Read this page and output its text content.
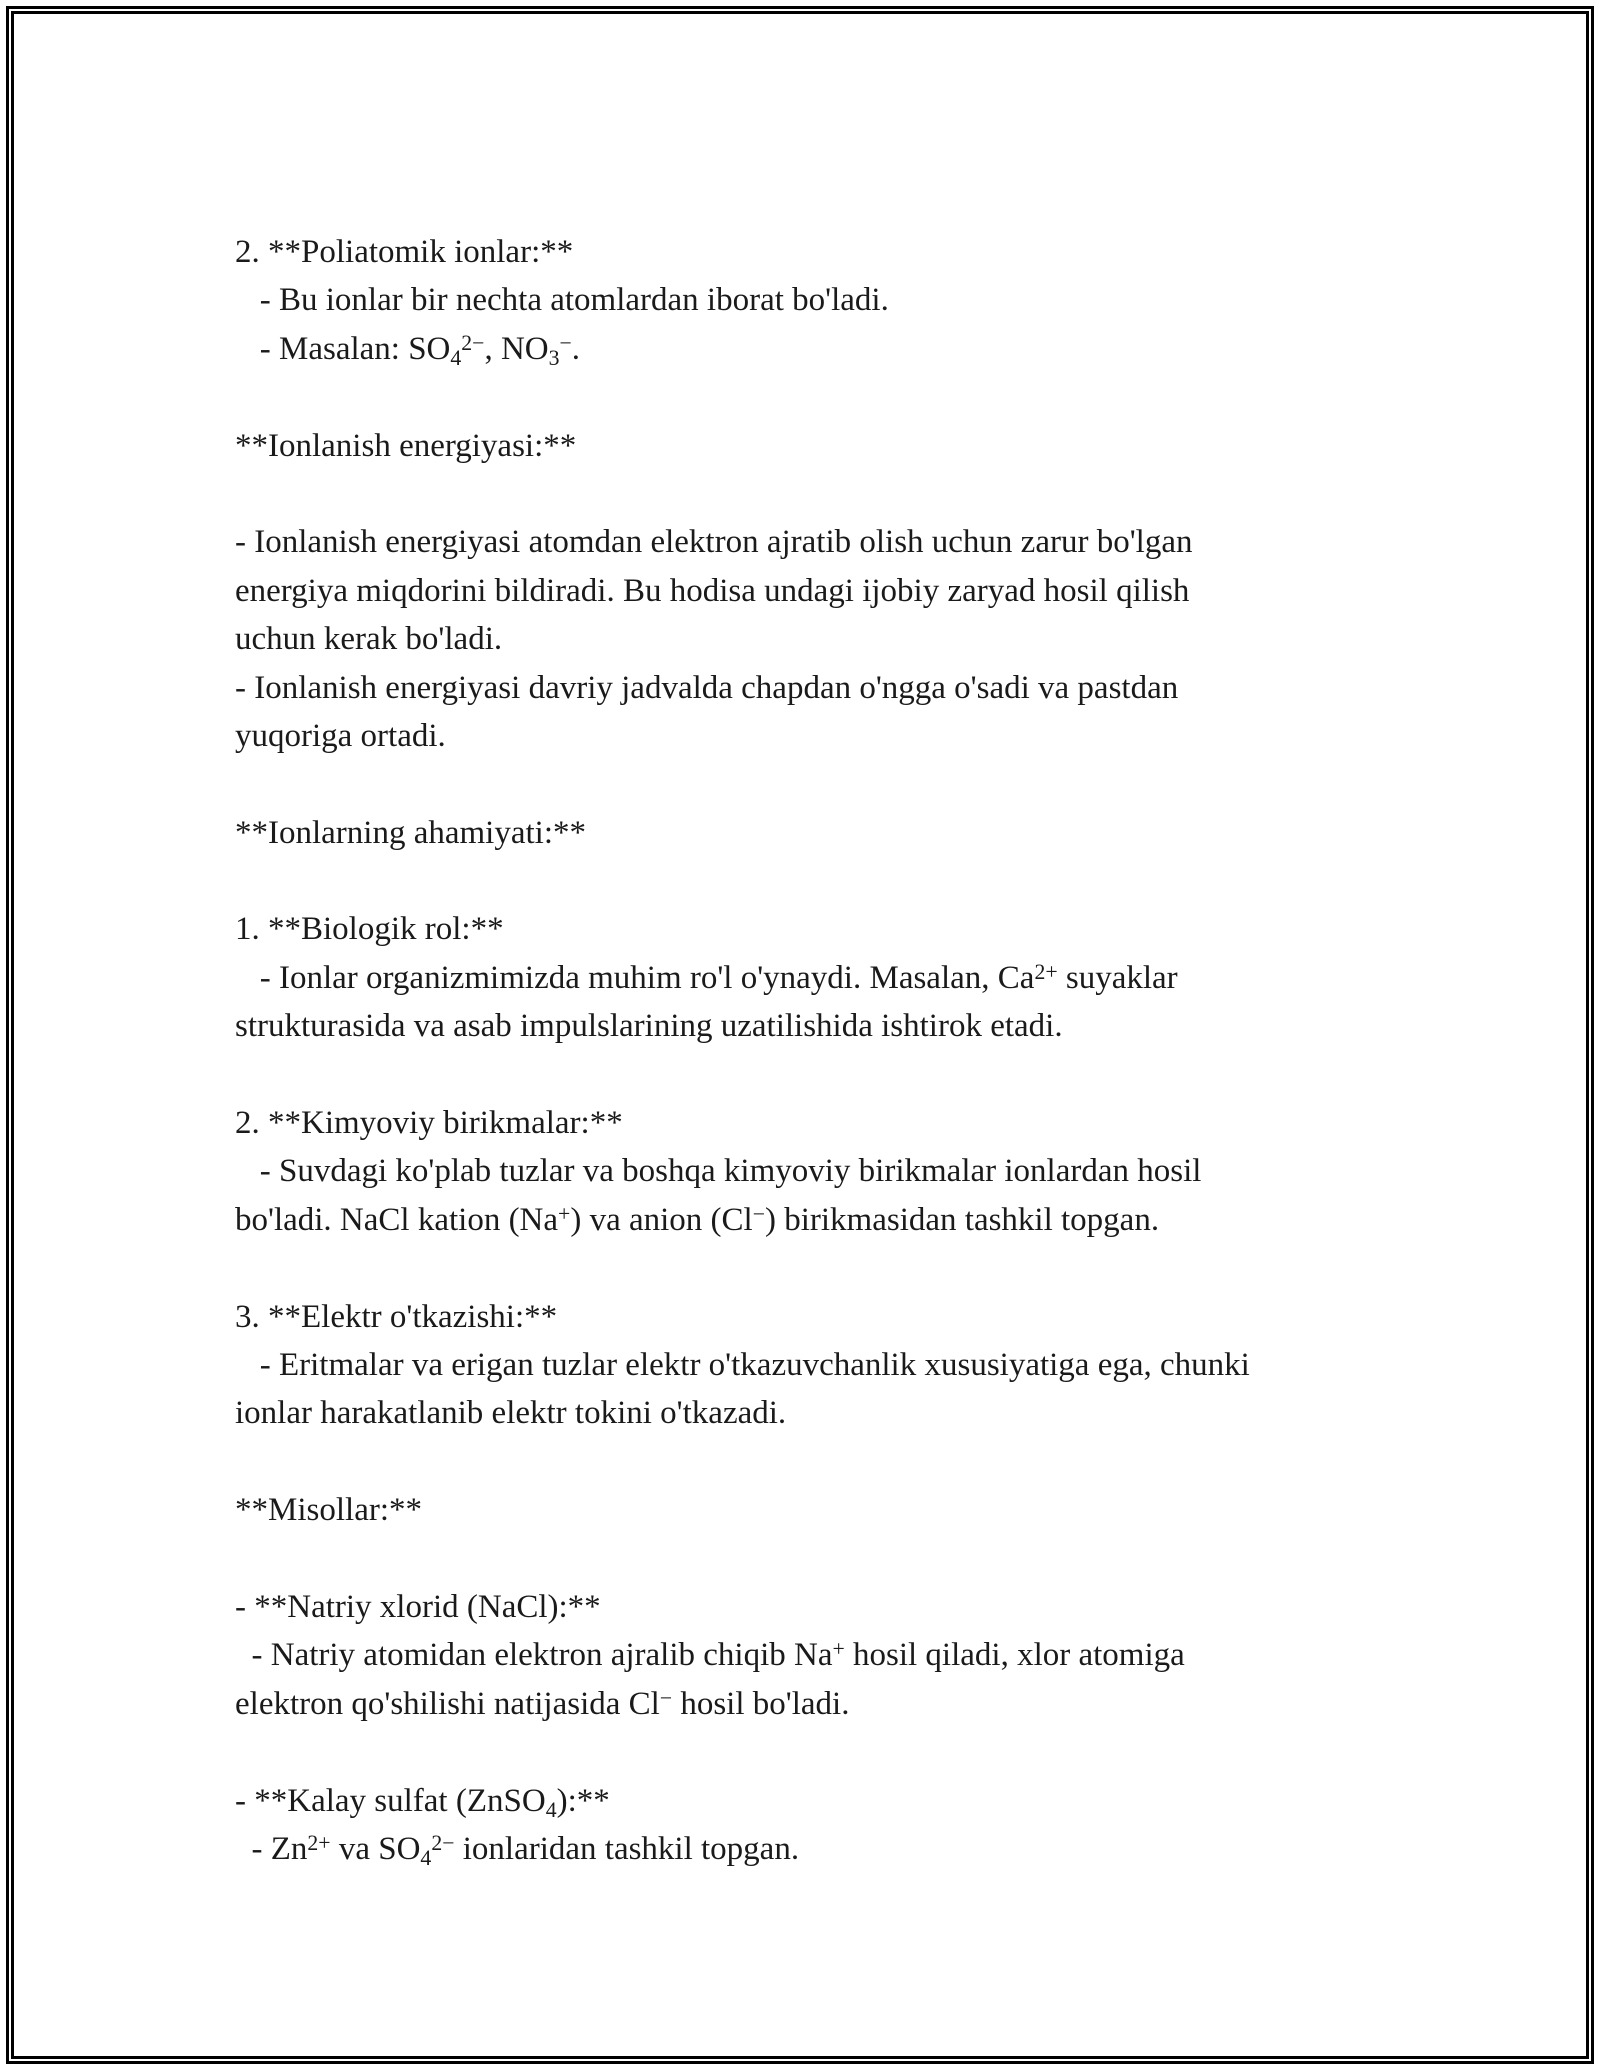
2. **Poliatomik ionlar:**
- Bu ionlar bir nechta atomlardan iborat bo'ladi.
- Masalan: $SO_4^{2-}$, $NO_3^-$.
**Ionlanish energiyasi:**
- Ionlanish energiyasi atomdan elektron ajratib olish uchun zarur bo'lgan
energiya miqdorini bildiradi. Bu hodisa undagi ijobiy zaryad hosil qilish
uchun kerak bo'ladi.
- Ionlanish energiyasi davriy jadvalda chapdan o'ngga o'sadi va pastdan
yuqoriga ortadi.
**Ionlarning ahamiyati:**
1. **Biologik rol:**
- Ionlar organizmimizda muhim ro'l o'ynaydi. Masalan, $Ca^{2+}$ suyaklar
strukturasida va asab impulslarining uzatilishida ishtirok etadi.
2. **Kimyoviy birikmalar:**
- Suvdagi ko'plab tuzlar va boshqa kimyoviy birikmalar ionlardan hosil
bo'ladi. NaCl kation (Na+) va anion (Cl−) birikmasidan tashkil topgan.
3. **Elektr o'tkazishi:**
- Eritmalar va erigan tuzlar elektr o'tkazuvchanlik xususiyatiga ega, chunki
ionlar harakatlanib elektr tokini o'tkazadi.
**Misollar:**
- **Natriy xlorid (NaCl):**
- Natriy atomidan elektron ajralib chiqib Na+ hosil qiladi, xlor atomiga
elektron qo'shilishi natijasida Cl− hosil bo'ladi.
- **Kalay sulfat (ZnSO$_4$):**
- $Zn^{2+}$ va $SO_4^{2-}$ ionlaridan tashkil topgan.
